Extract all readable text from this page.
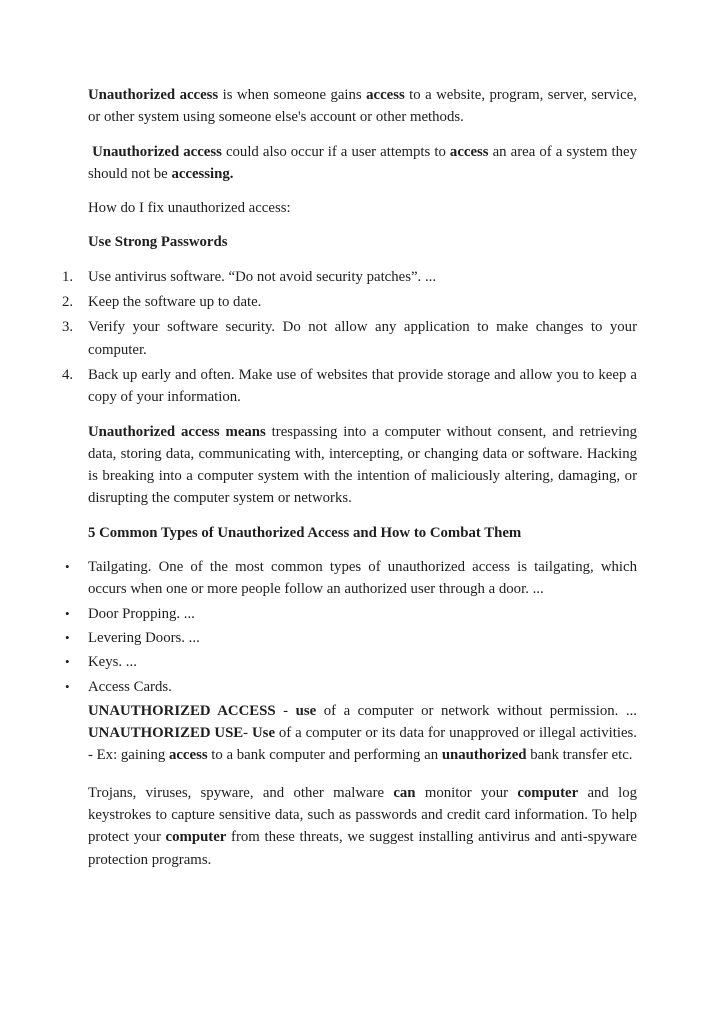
Unauthorized access is when someone gains access to a website, program, server, service, or other system using someone else's account or other methods.

Unauthorized access could also occur if a user attempts to access an area of a system they should not be accessing.

How do I fix unauthorized access:

Use Strong Passwords

1.	Use antivirus software. “Do not avoid security patches”. ...
2.	Keep the software up to date.
3.	Verify your software security. Do not allow any application to make changes to your computer.
4.	Back up early and often. Make use of websites that provide storage and allow you to keep a copy of your information.

Unauthorized access means trespassing into a computer without consent, and retrieving data, storing data, communicating with, intercepting, or changing data or software. Hacking is breaking into a computer system with the intention of maliciously altering, damaging, or disrupting the computer system or networks.

5 Common Types of Unauthorized Access and How to Combat Them

•	Tailgating. One of the most common types of unauthorized access is tailgating, which occurs when one or more people follow an authorized user through a door. ...
•	Door Propping. ...
•	Levering Doors. ...
•	Keys. ...
•	Access Cards.

UNAUTHORIZED ACCESS - use of a computer or network without permission. ... UNAUTHORIZED USE- Use of a computer or its data for unapproved or illegal activities. - Ex: gaining access to a bank computer and performing an unauthorized bank transfer etc.

Trojans, viruses, spyware, and other malware can monitor your computer and log keystrokes to capture sensitive data, such as passwords and credit card information. To help protect your computer from these threats, we suggest installing antivirus and anti-spyware protection programs.
